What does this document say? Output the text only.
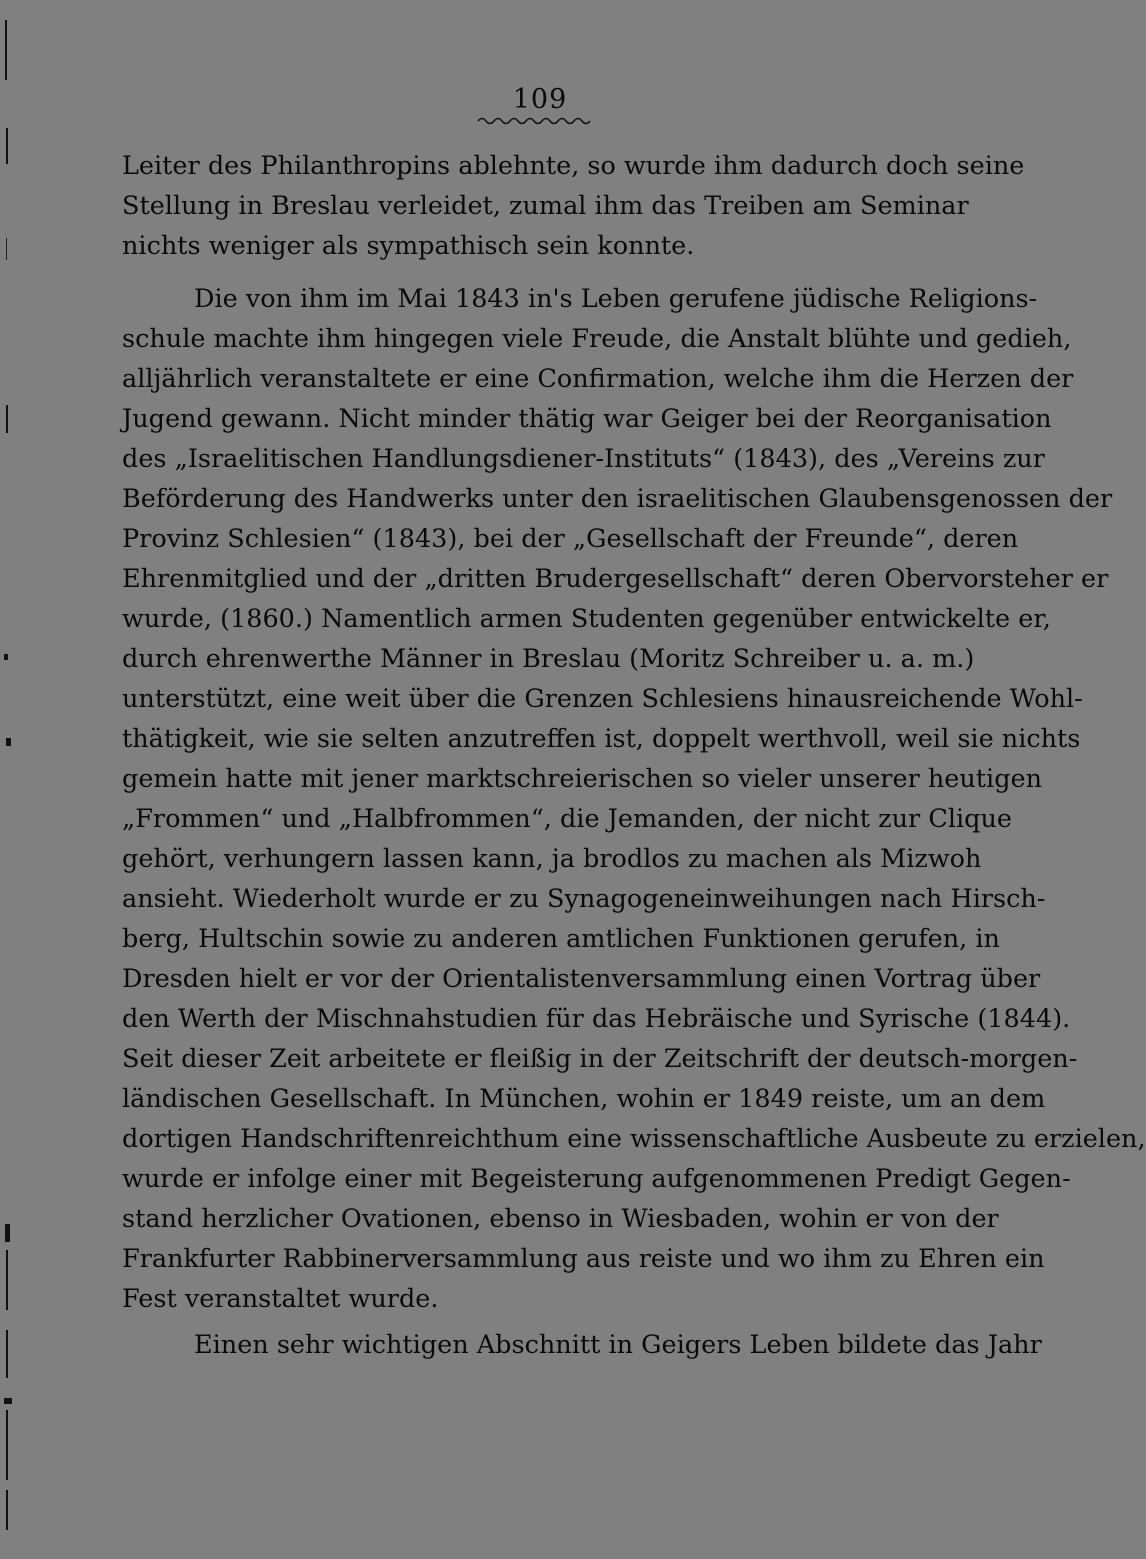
109
Leiter des Philanthropins ablehnte, so wurde ihm dadurch doch seine
Stellung in Breslau verleidet, zumal ihm das Treiben am Seminar
nichts weniger als sympathisch sein konnte.
Die von ihm im Mai 1843 in's Leben gerufene jüdische Religions-
schule machte ihm hingegen viele Freude, die Anstalt blühte und gedieh,
alljährlich veranstaltete er eine Confirmation, welche ihm die Herzen der
Jugend gewann. Nicht minder thätig war Geiger bei der Reorganisation
des „Israelitischen Handlungsdiener-Instituts“ (1843), des „Vereins zur
Beförderung des Handwerks unter den israelitischen Glaubensgenossen der
Provinz Schlesien“ (1843), bei der „Gesellschaft der Freunde“, deren
Ehrenmitglied und der „dritten Brudergesellschaft“ deren Obervorsteher er
wurde, (1860.) Namentlich armen Studenten gegenüber entwickelte er,
durch ehrenwerthe Männer in Breslau (Moritz Schreiber u. a. m.)
unterstützt, eine weit über die Grenzen Schlesiens hinausreichende Wohl-
thätigkeit, wie sie selten anzutreffen ist, doppelt werthvoll, weil sie nichts
gemein hatte mit jener marktschreierischen so vieler unserer heutigen
„Frommen“ und „Halbfrommen“, die Jemanden, der nicht zur Clique
gehört, verhungern lassen kann, ja brodlos zu machen als Mizwoh
ansieht. Wiederholt wurde er zu Synagogeneinweihungen nach Hirsch-
berg, Hultschin sowie zu anderen amtlichen Funktionen gerufen, in
Dresden hielt er vor der Orientalistenversammlung einen Vortrag über
den Werth der Mischnahstudien für das Hebräische und Syrische (1844).
Seit dieser Zeit arbeitete er fleißig in der Zeitschrift der deutsch-morgen-
ländischen Gesellschaft. In München, wohin er 1849 reiste, um an dem
dortigen Handschriftenreichthum eine wissenschaftliche Ausbeute zu erzielen,
wurde er infolge einer mit Begeisterung aufgenommenen Predigt Gegen-
stand herzlicher Ovationen, ebenso in Wiesbaden, wohin er von der
Frankfurter Rabbinerversammlung aus reiste und wo ihm zu Ehren ein
Fest veranstaltet wurde.
Einen sehr wichtigen Abschnitt in Geigers Leben bildete das Jahr
